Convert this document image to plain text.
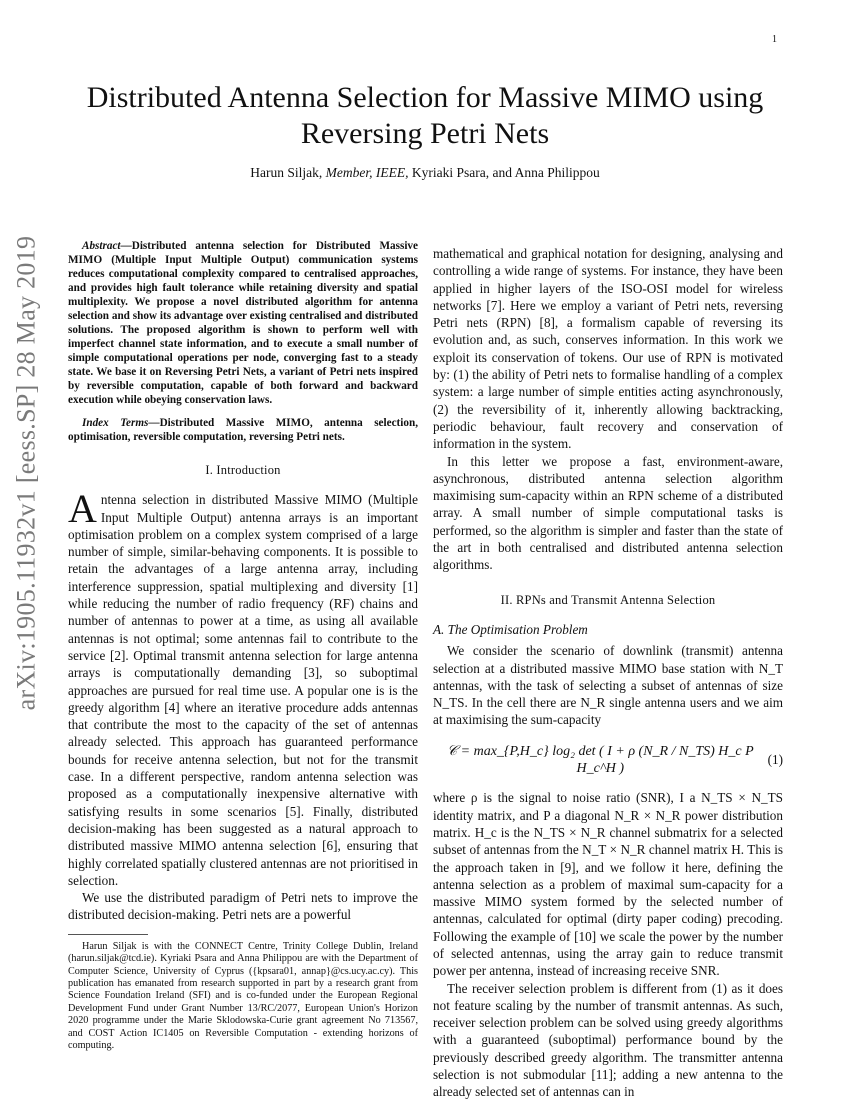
1
Distributed Antenna Selection for Massive MIMO using Reversing Petri Nets
Harun Siljak, Member, IEEE, Kyriaki Psara, and Anna Philippou
arXiv:1905.11932v1 [eess.SP] 28 May 2019	Abstract—Distributed antenna selection for Distributed Massive MIMO (Multiple Input Multiple Output) communication systems reduces computational complexity compared to centralised approaches, and provides high fault tolerance while retaining diversity and spatial multiplexity. We propose a novel distributed algorithm for antenna selection and show its advantage over existing centralised and distributed solutions. The proposed algorithm is shown to perform well with imperfect channel state information, and to execute a small number of simple computational operations per node, converging fast to a steady state. We base it on Reversing Petri Nets, a variant of Petri nets inspired by reversible computation, capable of both forward and backward execution while obeying conservation laws.

Index Terms—Distributed Massive MIMO, antenna selection, optimisation, reversible computation, reversing Petri nets.

I. Introduction

Antenna selection in distributed Massive MIMO (Multiple Input Multiple Output) antenna arrays is an important optimisation problem on a complex system comprised of a large number of simple, similar-behaving components. It is possible to retain the advantages of a large antenna array, including interference suppression, spatial multiplexing and diversity [1] while reducing the number of radio frequency (RF) chains and number of antennas to power at a time, as using all available antennas is not optimal; some antennas fail to contribute to the service [2]. Optimal transmit antenna selection for large antenna arrays is computationally demanding [3], so suboptimal approaches are pursued for real time use. A popular one is is the greedy algorithm [4] where an iterative procedure adds antennas that contribute the most to the capacity of the set of antennas already selected. This approach has guaranteed performance bounds for receive antenna selection, but not for the transmit case. In a different perspective, random antenna selection was proposed as a computationally inexpensive alternative with satisfying results in some scenarios [5]. Finally, distributed decision-making has been suggested as a natural approach to distributed massive MIMO antenna selection [6], ensuring that highly correlated spatially clustered antennas are not prioritised in selection.

We use the distributed paradigm of Petri nets to improve the distributed decision-making. Petri nets are a powerful

Harun Siljak is with the CONNECT Centre, Trinity College Dublin, Ireland (harun.siljak@tcd.ie). Kyriaki Psara and Anna Philippou are with the Department of Computer Science, University of Cyprus ({kpsara01, annap}@cs.ucy.ac.cy). This publication has emanated from research supported in part by a research grant from Science Foundation Ireland (SFI) and is co-funded under the European Regional Development Fund under Grant Number 13/RC/2077, European Union's Horizon 2020 programme under the Marie Sklodowska-Curie grant agreement No 713567, and COST Action IC1405 on Reversible Computation - extending horizons of computing.

mathematical and graphical notation for designing, analysing and controlling a wide range of systems. For instance, they have been applied in higher layers of the ISO-OSI model for wireless networks [7]. Here we employ a variant of Petri nets, reversing Petri nets (RPN) [8], a formalism capable of reversing its evolution and, as such, conserves information. In this work we exploit its conservation of tokens. Our use of RPN is motivated by: (1) the ability of Petri nets to formalise handling of a complex system: a large number of simple entities acting asynchronously, (2) the reversibility of it, inherently allowing backtracking, periodic behaviour, fault recovery and conservation of information in the system.

In this letter we propose a fast, environment-aware, asynchronous, distributed antenna selection algorithm maximising sum-capacity within an RPN scheme of a distributed array. A small number of simple computational tasks is performed, so the algorithm is simpler and faster than the state of the art in both centralised and distributed antenna selection algorithms.

II. RPNs and Transmit Antenna Selection
A. The Optimisation Problem

We consider the scenario of downlink (transmit) antenna selection at a distributed massive MIMO base station with N_T antennas, with the task of selecting a subset of antennas of size N_TS. In the cell there are N_R single antenna users and we aim at maximising the sum-capacity

𝒞 = max_{P,H_c} log₂ det ( I + ρ (N_R / N_TS) H_c P H_c^H )
(1)

where ρ is the signal to noise ratio (SNR), I a N_TS × N_TS identity matrix, and P a diagonal N_R × N_R power distribution matrix. H_c is the N_TS × N_R channel submatrix for a selected subset of antennas from the N_T × N_R channel matrix H. This is the approach taken in [9], and we follow it here, defining the antenna selection as a problem of maximal sum-capacity for a massive MIMO system formed by the selected number of antennas, calculated for optimal (dirty paper coding) precoding. Following the example of [10] we scale the power by the number of selected antennas, using the array gain to reduce transmit power per antenna, instead of increasing receive SNR.

The receiver selection problem is different from (1) as it does not feature scaling by the number of transmit antennas. As such, receiver selection problem can be solved using greedy algorithms with a guaranteed (suboptimal) performance bound by the previously described greedy algorithm. The transmitter antenna selection is not submodular [11]; adding a new antenna to the already selected set of antennas can in
